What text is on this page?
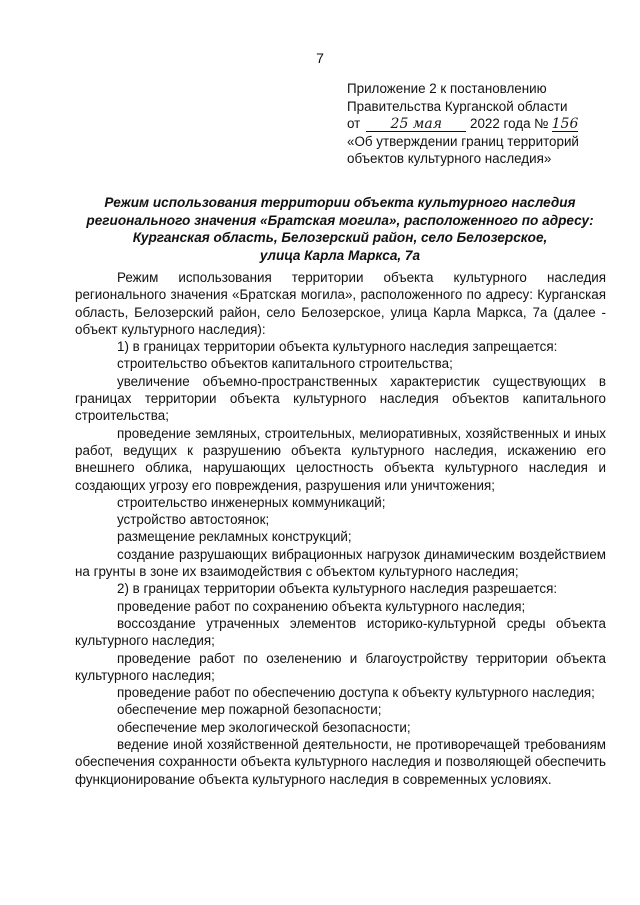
7
Приложение 2 к постановлению
Правительства Курганской области
от 25 мая 2022 года № 156
«Об утверждении границ территорий
объектов культурного наследия»
Режим использования территории объекта культурного наследия
регионального значения «Братская могила», расположенного по адресу:
Курганская область, Белозерский район, село Белозерское,
улица Карла Маркса, 7а

Режим использования территории объекта культурного наследия регионального значения «Братская могила», расположенного по адресу: Курганская область, Белозерский район, село Белозерское, улица Карла Маркса, 7а (далее - объект культурного наследия):

1) в границах территории объекта культурного наследия запрещается:

строительство объектов капитального строительства;

увеличение объемно-пространственных характеристик существующих в границах территории объекта культурного наследия объектов капитального строительства;

проведение земляных, строительных, мелиоративных, хозяйственных и иных работ, ведущих к разрушению объекта культурного наследия, искажению его внешнего облика, нарушающих целостность объекта культурного наследия и создающих угрозу его повреждения, разрушения или уничтожения;

строительство инженерных коммуникаций;

устройство автостоянок;

размещение рекламных конструкций;

создание разрушающих вибрационных нагрузок динамическим воздействием на грунты в зоне их взаимодействия с объектом культурного наследия;

2) в границах территории объекта культурного наследия разрешается:

проведение работ по сохранению объекта культурного наследия;

воссоздание утраченных элементов историко-культурной среды объекта культурного наследия;

проведение работ по озеленению и благоустройству территории объекта культурного наследия;

проведение работ по обеспечению доступа к объекту культурного наследия;

обеспечение мер пожарной безопасности;

обеспечение мер экологической безопасности;

ведение иной хозяйственной деятельности, не противоречащей требованиям обеспечения сохранности объекта культурного наследия и позволяющей обеспечить функционирование объекта культурного наследия в современных условиях.
